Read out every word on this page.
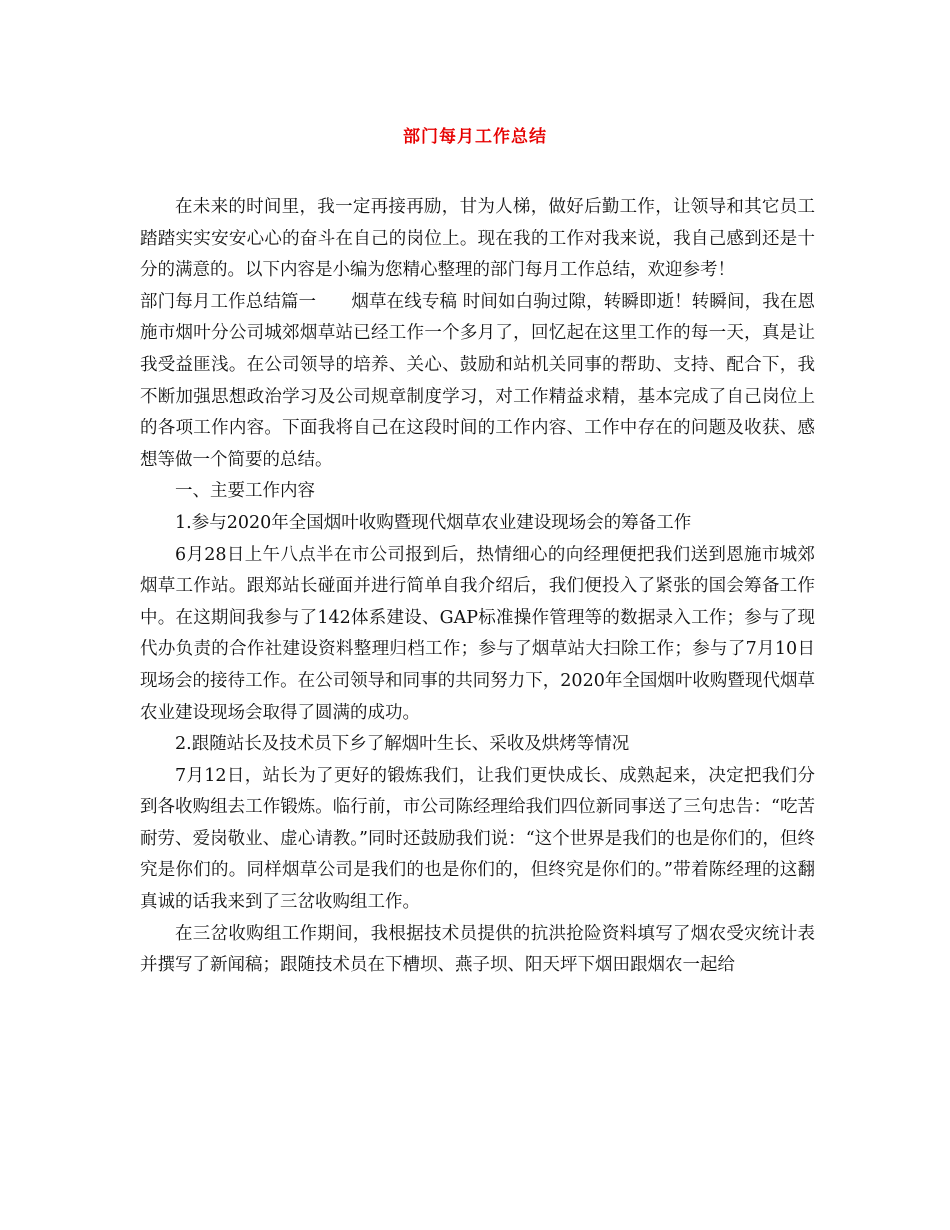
部门每月工作总结

在未来的时间里，我一定再接再励，甘为人梯，做好后勤工作，让领导和其它员工踏踏实实安安心心的奋斗在自己的岗位上。现在我的工作对我来说，我自己感到还是十分的满意的。以下内容是小编为您精心整理的部门每月工作总结，欢迎参考！

部门每月工作总结篇一　　烟草在线专稿 时间如白驹过隙，转瞬即逝！转瞬间，我在恩施市烟叶分公司城郊烟草站已经工作一个多月了，回忆起在这里工作的每一天，真是让我受益匪浅。在公司领导的培养、关心、鼓励和站机关同事的帮助、支持、配合下，我不断加强思想政治学习及公司规章制度学习，对工作精益求精，基本完成了自己岗位上的各项工作内容。下面我将自己在这段时间的工作内容、工作中存在的问题及收获、感想等做一个简要的总结。

一、主要工作内容

1.参与2020年全国烟叶收购暨现代烟草农业建设现场会的筹备工作

6月28日上午八点半在市公司报到后，热情细心的向经理便把我们送到恩施市城郊烟草工作站。跟郑站长碰面并进行简单自我介绍后，我们便投入了紧张的国会筹备工作中。在这期间我参与了142体系建设、GAP标准操作管理等的数据录入工作；参与了现代办负责的合作社建设资料整理归档工作；参与了烟草站大扫除工作；参与了7月10日现场会的接待工作。在公司领导和同事的共同努力下，2020年全国烟叶收购暨现代烟草农业建设现场会取得了圆满的成功。

2.跟随站长及技术员下乡了解烟叶生长、采收及烘烤等情况

7月12日，站长为了更好的锻炼我们，让我们更快成长、成熟起来，决定把我们分到各收购组去工作锻炼。临行前，市公司陈经理给我们四位新同事送了三句忠告：“吃苦耐劳、爱岗敬业、虚心请教。”同时还鼓励我们说：“这个世界是我们的也是你们的，但终究是你们的。同样烟草公司是我们的也是你们的，但终究是你们的。”带着陈经理的这翻真诚的话我来到了三岔收购组工作。

在三岔收购组工作期间，我根据技术员提供的抗洪抢险资料填写了烟农受灾统计表并撰写了新闻稿；跟随技术员在下槽坝、燕子坝、阳天坪下烟田跟烟农一起给
